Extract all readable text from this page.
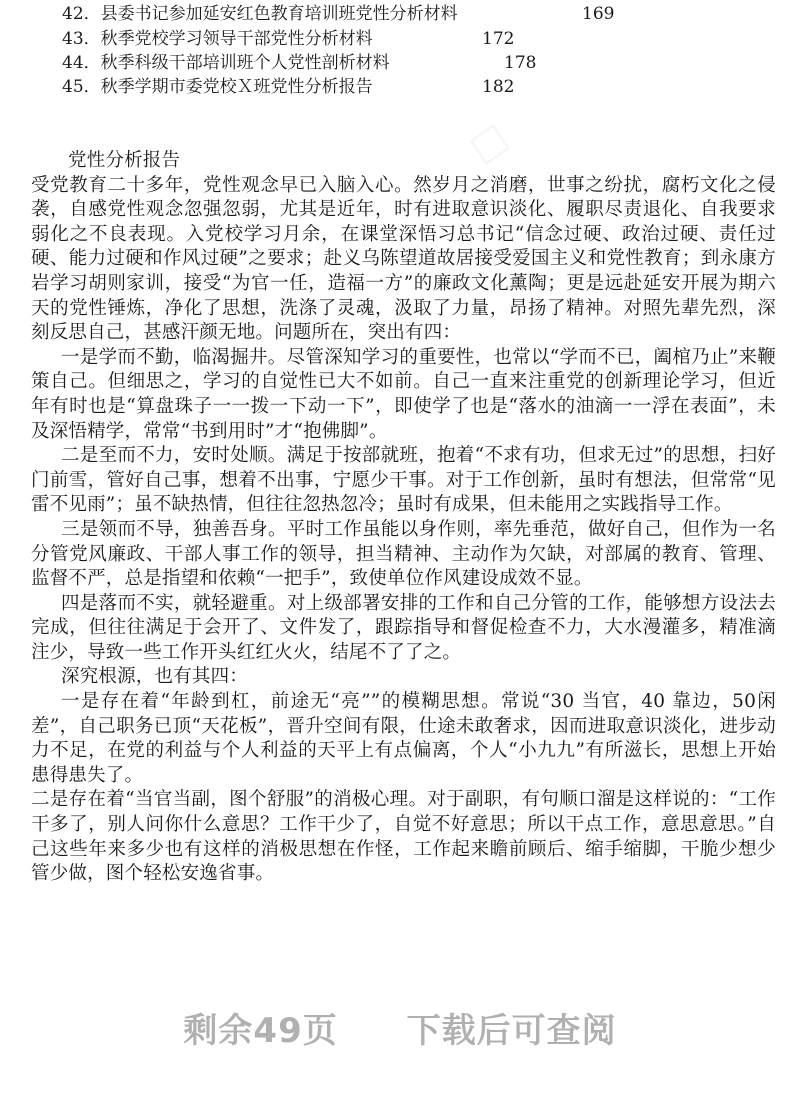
42．县委书记参加延安红色教育培训班党性分析材料	169
43．秋季党校学习领导干部党性分析材料	172
44．秋季科级干部培训班个人党性剖析材料	178
45．秋季学期市委党校Ｘ班党性分析报告	182

党性分析报告

受党教育二十多年，党性观念早已入脑入心。然岁月之消磨，世事之纷扰，腐朽文化之侵袭，自感党性观念忽强忽弱，尤其是近年，时有进取意识淡化、履职尽责退化、自我要求弱化之不良表现。入党校学习月余，在课堂深悟习总书记“信念过硬、政治过硬、责任过硬、能力过硬和作风过硬”之要求；赴义乌陈望道故居接受爱国主义和党性教育；到永康方岩学习胡则家训，接受“为官一任，造福一方”的廉政文化薰陶；更是远赴延安开展为期六天的党性锤炼，净化了思想，洗涤了灵魂，汲取了力量，昂扬了精神。对照先辈先烈，深刻反思自己，甚感汗颜无地。问题所在，突出有四：

一是学而不勤，临渴掘井。尽管深知学习的重要性，也常以“学而不已，阖棺乃止”来鞭策自己。但细思之，学习的自觉性已大不如前。自己一直来注重党的创新理论学习，但近年有时也是“算盘珠子一一拨一下动一下”，即使学了也是“落水的油滴一一浮在表面”，未及深悟精学，常常“书到用时”才“抱佛脚”。

二是至而不力，安时处顺。满足于按部就班，抱着“不求有功，但求无过”的思想，扫好门前雪，管好自己事，想着不出事，宁愿少干事。对于工作创新，虽时有想法，但常常“见雷不见雨”；虽不缺热情，但往往忽热忽冷；虽时有成果，但未能用之实践指导工作。

三是领而不导，独善吾身。平时工作虽能以身作则，率先垂范，做好自己，但作为一名分管党风廉政、干部人事工作的领导，担当精神、主动作为欠缺，对部属的教育、管理、监督不严，总是指望和依赖“一把手”，致使单位作风建设成效不显。

四是落而不实，就轻避重。对上级部署安排的工作和自己分管的工作，能够想方设法去完成，但往往满足于会开了、文件发了，跟踪指导和督促检查不力，大水漫灌多，精准滴注少，导致一些工作开头红红火火，结尾不了了之。

深究根源，也有其四：

一是存在着“年龄到杠，前途无“亮””的模糊思想。常说“30 当官，40 靠边，50闲差”，自己职务已顶“天花板”，晋升空间有限，仕途未敢奢求，因而进取意识淡化，进步动力不足，在党的利益与个人利益的天平上有点偏离，个人“小九九”有所滋长，思想上开始患得患失了。

二是存在着“当官当副，图个舒服”的消极心理。对于副职，有句顺口溜是这样说的：“工作干多了，别人问你什么意思？工作干少了，自觉不好意思；所以干点工作，意思意思。”自己这些年来多少也有这样的消极思想在作怪，工作起来瞻前顾后、缩手缩脚，干脆少想少管少做，图个轻松安逸省事。

剩余49页 下载后可查阅
